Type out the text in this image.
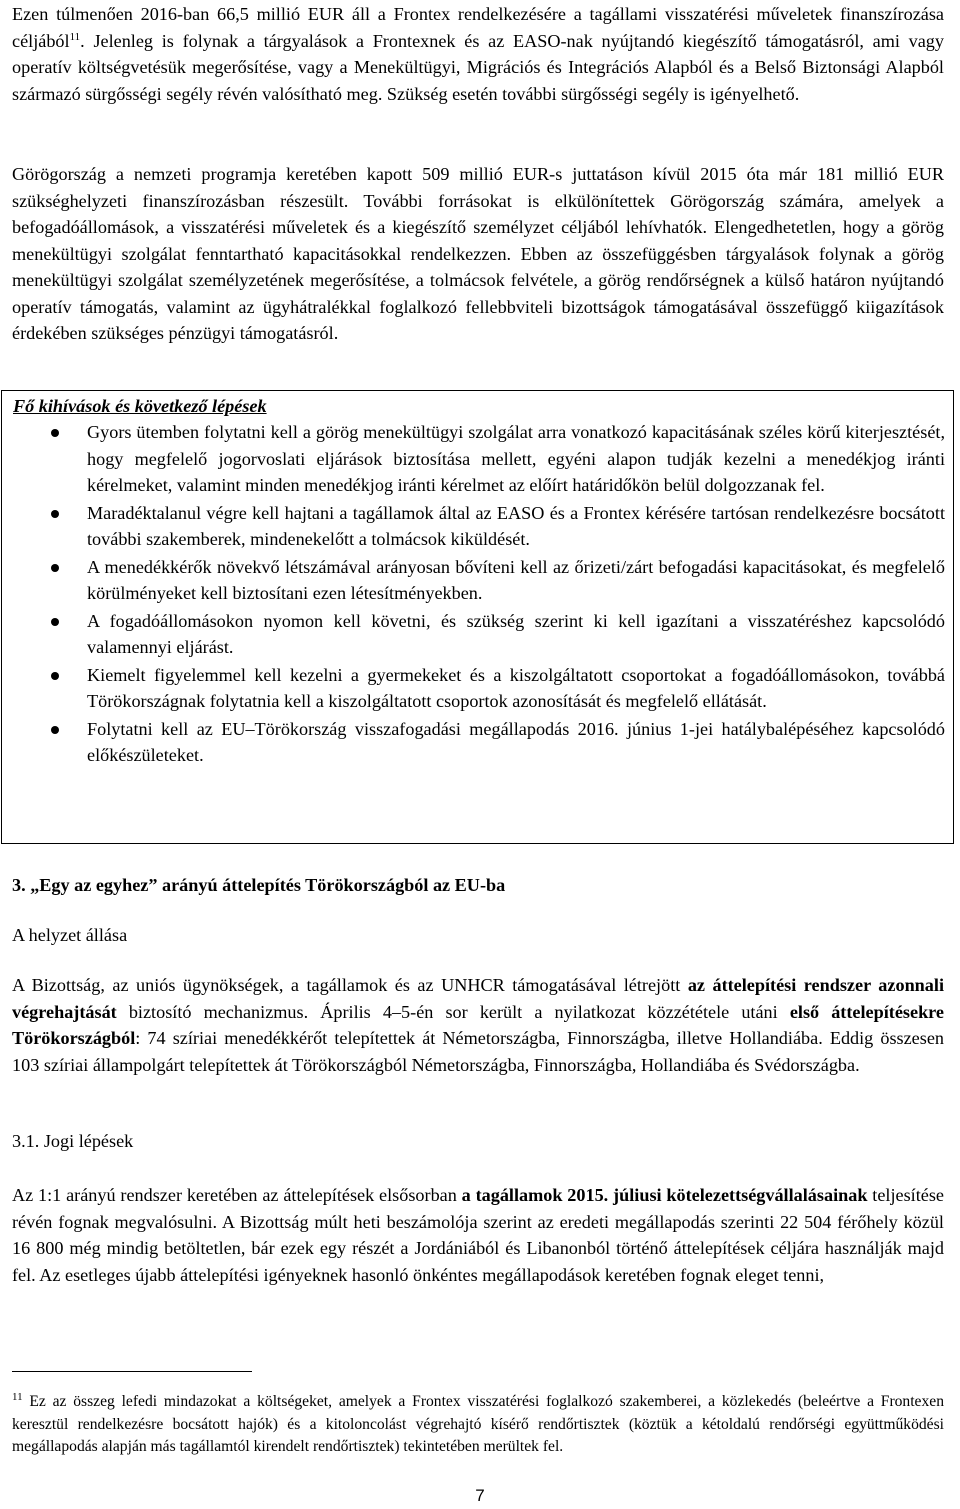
Ezen túlmenően 2016-ban 66,5 millió EUR áll a Frontex rendelkezésére a tagállami visszatérési műveletek finanszírozása céljából$^{11}$. Jelenleg is folynak a tárgyalások a Frontexnek és az EASO-nak nyújtandó kiegészítő támogatásról, ami vagy operatív költségvetésük megerősítése, vagy a Menekültügyi, Migrációs és Integrációs Alapból és a Belső Biztonsági Alapból származó sürgősségi segély révén valósítható meg. Szükség esetén további sürgősségi segély is igényelhető.

Görögország a nemzeti programja keretében kapott 509 millió EUR-s juttatáson kívül 2015 óta már 181 millió EUR szükséghelyzeti finanszírozásban részesült. További forrásokat is elkülönítettek Görögország számára, amelyek a befogadóállomások, a visszatérési műveletek és a kiegészítő személyzet céljából lehívhatók. Elengedhetetlen, hogy a görög menekültügyi szolgálat fenntartható kapacitásokkal rendelkezzen. Ebben az összefüggésben tárgyalások folynak a görög menekültügyi szolgálat személyzetének megerősítése, a tolmácsok felvétele, a görög rendőrségnek a külső határon nyújtandó operatív támogatás, valamint az ügyhátralékkal foglalkozó fellebbviteli bizottságok támogatásával összefüggő kiigazítások érdekében szükséges pénzügyi támogatásról.

Fő kihívások és következő lépések
Gyors ütemben folytatni kell a görög menekültügyi szolgálat arra vonatkozó kapacitásának széles körű kiterjesztését, hogy megfelelő jogorvoslati eljárások biztosítása mellett, egyéni alapon tudják kezelni a menedékjog iránti kérelmeket, valamint minden menedékjog iránti kérelmet az előírt határidőkön belül dolgozzanak fel.
Maradéktalanul végre kell hajtani a tagállamok által az EASO és a Frontex kérésére tartósan rendelkezésre bocsátott további szakemberek, mindenekelőtt a tolmácsok kiküldését.
A menedékkérők növekvő létszámával arányosan bővíteni kell az őrizeti/zárt befogadási kapacitásokat, és megfelelő körülményeket kell biztosítani ezen létesítményekben.
A fogadóállomásokon nyomon kell követni, és szükség szerint ki kell igazítani a visszatéréshez kapcsolódó valamennyi eljárást.
Kiemelt figyelemmel kell kezelni a gyermekeket és a kiszolgáltatott csoportokat a fogadóállomásokon, továbbá Törökországnak folytatnia kell a kiszolgáltatott csoportok azonosítását és megfelelő ellátását.
Folytatni kell az EU–Törökország visszafogadási megállapodás 2016. június 1-jei hatálybalépéséhez kapcsolódó előkészületeket.
3. „Egy az egyhez” arányú áttelepítés Törökországból az EU-ba
A helyzet állása

A Bizottság, az uniós ügynökségek, a tagállamok és az UNHCR támogatásával létrejött az áttelepítési rendszer azonnali végrehajtását biztosító mechanizmus. Április 4–5-én sor került a nyilatkozat közzététele utáni első áttelepítésekre Törökországból: 74 szíriai menedékkérőt telepítettek át Németországba, Finnországba, illetve Hollandiába. Eddig összesen 103 szíriai állampolgárt telepítettek át Törökországból Németországba, Finnországba, Hollandiába és Svédországba.

3.1. Jogi lépések

Az 1:1 arányú rendszer keretében az áttelepítések elsősorban a tagállamok 2015. júliusi kötelezettségvállalásainak teljesítése révén fognak megvalósulni. A Bizottság múlt heti beszámolója szerint az eredeti megállapodás szerinti 22 504 férőhely közül 16 800 még mindig betöltetlen, bár ezek egy részét a Jordániából és Libanonból történő áttelepítések céljára használják majd fel. Az esetleges újabb áttelepítési igényeknek hasonló önkéntes megállapodások keretében fognak eleget tenni,

$^{11}$ Ez az összeg lefedi mindazokat a költségeket, amelyek a Frontex visszatérési foglalkozó szakemberei, a közlekedés (beleértve a Frontexen keresztül rendelkezésre bocsátott hajók) és a kitoloncolást végrehajtó kísérő rendőrtisztek (köztük a kétoldalú rendőrségi együttműködési megállapodás alapján más tagállamtól kirendelt rendőrtisztek) tekintetében merültek fel.

7
